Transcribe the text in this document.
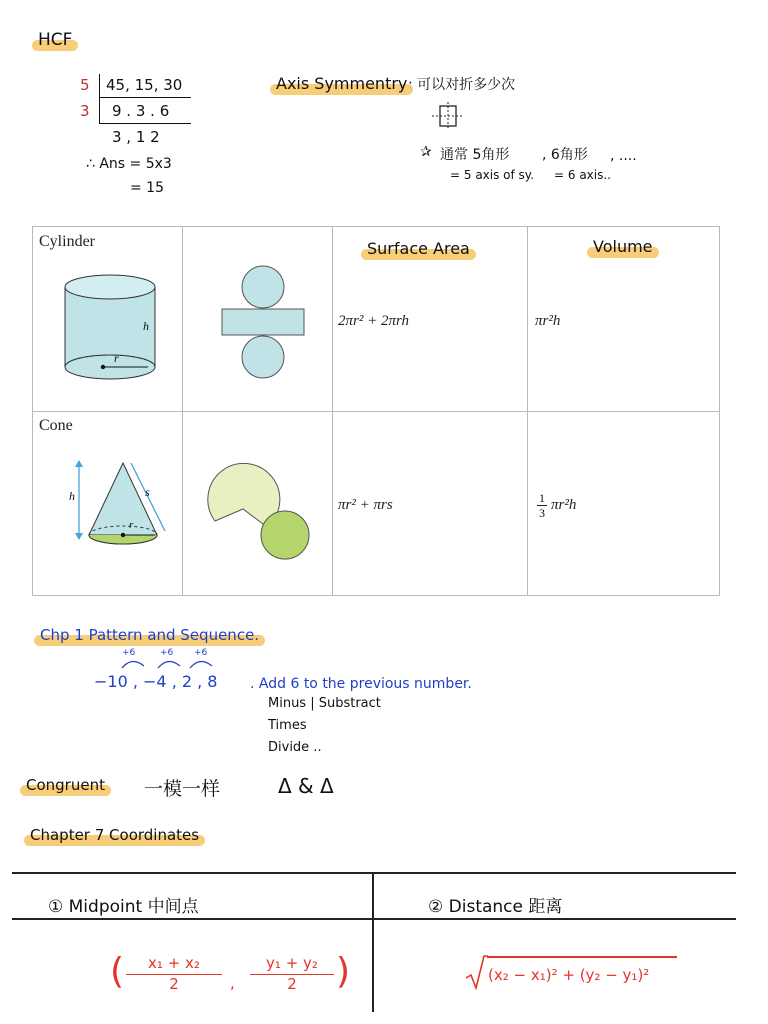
HCF
5 45, 15, 30
3 9 . 3 . 6
3 , 1 2
∴ Ans = 5x3
= 15
Axis Symmentry : 可以对折多少次
✰ 通常 5角形 , 6角形 , ....
= 5 axis of sy. = 6 axis..
Surface Area	Volume
Cylinder
h
r
2πr² + 2πrh	πr²h
Cone
h	s
r
πr² + πrs	$\frac{1}{3} \pi r^2h$
Chp 1 Pattern and Sequence.
+6	+6 +6
−10 , −4 , 2 , 8 . Add 6 to the previous number.
Minus | Substract
Times
Divide ..
Congruent 一模一样	Δ & Δ
Chapter 7 Coordinates
① Midpoint 中间点	② Distance 距离
( $\frac{\text{x₁ + x₂}}{2}$ , $\frac{\text{y₁ + y₂}}{2}$ )	(x₂ − x₁)² + (y₂ − y₁)²
